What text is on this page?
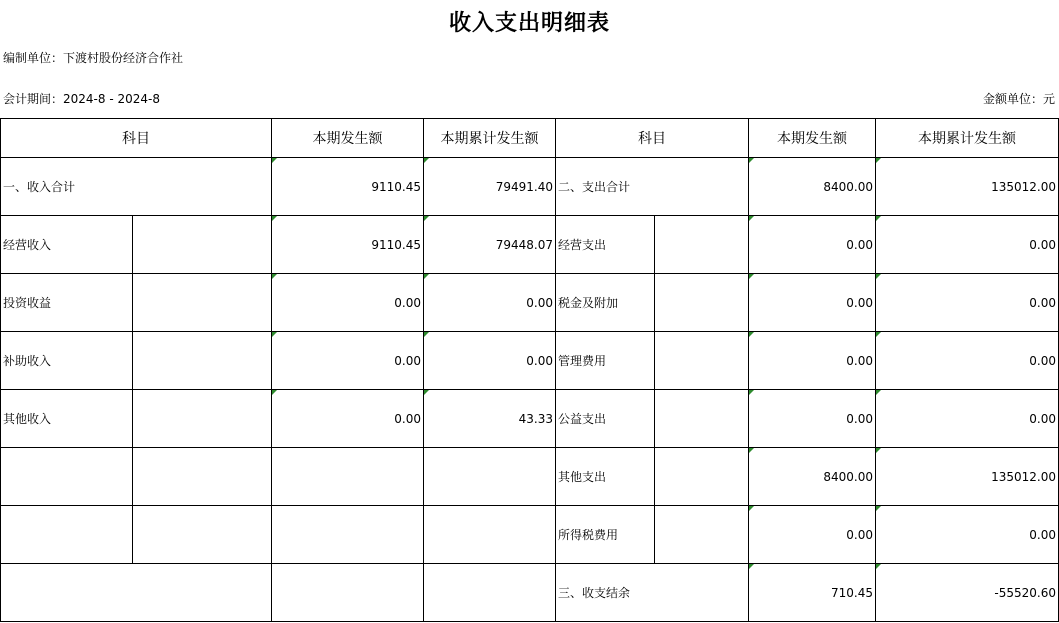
收入支出明细表
编制单位：下渡村股份经济合作社
会计期间：2024-8 - 2024-8	金额单位：元
科目		本期发生额	本期累计发生额	科目		本期发生额	本期累计发生额
一、收入合计		9110.45	79491.40	二、支出合计		8400.00	135012.00
经营收入		9110.45	79448.07	经营支出		0.00	0.00
投资收益		0.00	0.00	税金及附加		0.00	0.00
补助收入		0.00	0.00	管理费用		0.00	0.00
其他收入		0.00	43.33	公益支出		0.00	0.00
				其他支出		8400.00	135012.00
				所得税费用		0.00	0.00
				三、收支结余		710.45	-55520.60
